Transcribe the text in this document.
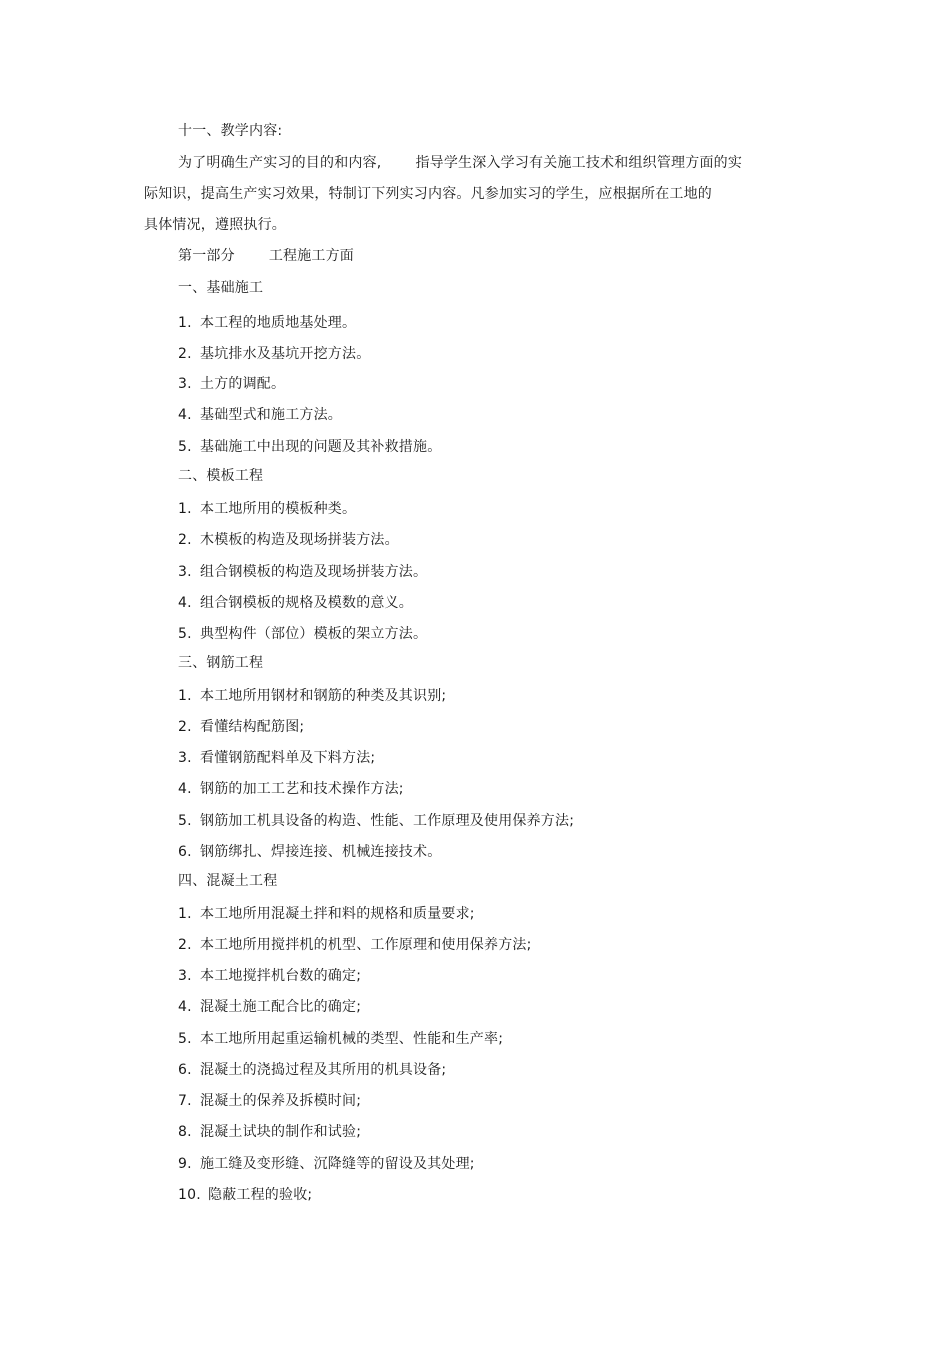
十一、教学内容:
为了明确生产实习的目的和内容, 指导学生深入学习有关施工技术和组织管理方面的实
际知识，提高生产实习效果，特制订下列实习内容。凡参加实习的学生，应根据所在工地的
具体情况，遵照执行。
第一部分 工程施工方面
一、基础施工
1. 本工程的地质地基处理。
2. 基坑排水及基坑开挖方法。
3. 土方的调配。
4. 基础型式和施工方法。
5. 基础施工中出现的问题及其补救措施。
二、模板工程
1. 本工地所用的模板种类。
2. 木模板的构造及现场拼装方法。
3. 组合钢模板的构造及现场拼装方法。
4. 组合钢模板的规格及模数的意义。
5. 典型构件（部位）模板的架立方法。
三、钢筋工程
1. 本工地所用钢材和钢筋的种类及其识别;
2. 看懂结构配筋图;
3. 看懂钢筋配料单及下料方法;
4. 钢筋的加工工艺和技术操作方法;
5. 钢筋加工机具设备的构造、性能、工作原理及使用保养方法;
6. 钢筋绑扎、焊接连接、机械连接技术。
四、混凝土工程
1. 本工地所用混凝土拌和料的规格和质量要求;
2. 本工地所用搅拌机的机型、工作原理和使用保养方法;
3. 本工地搅拌机台数的确定;
4. 混凝土施工配合比的确定;
5. 本工地所用起重运输机械的类型、性能和生产率;
6. 混凝土的浇捣过程及其所用的机具设备;
7. 混凝土的保养及拆模时间;
8. 混凝土试块的制作和试验;
9. 施工缝及变形缝、沉降缝等的留设及其处理;
10. 隐蔽工程的验收;
